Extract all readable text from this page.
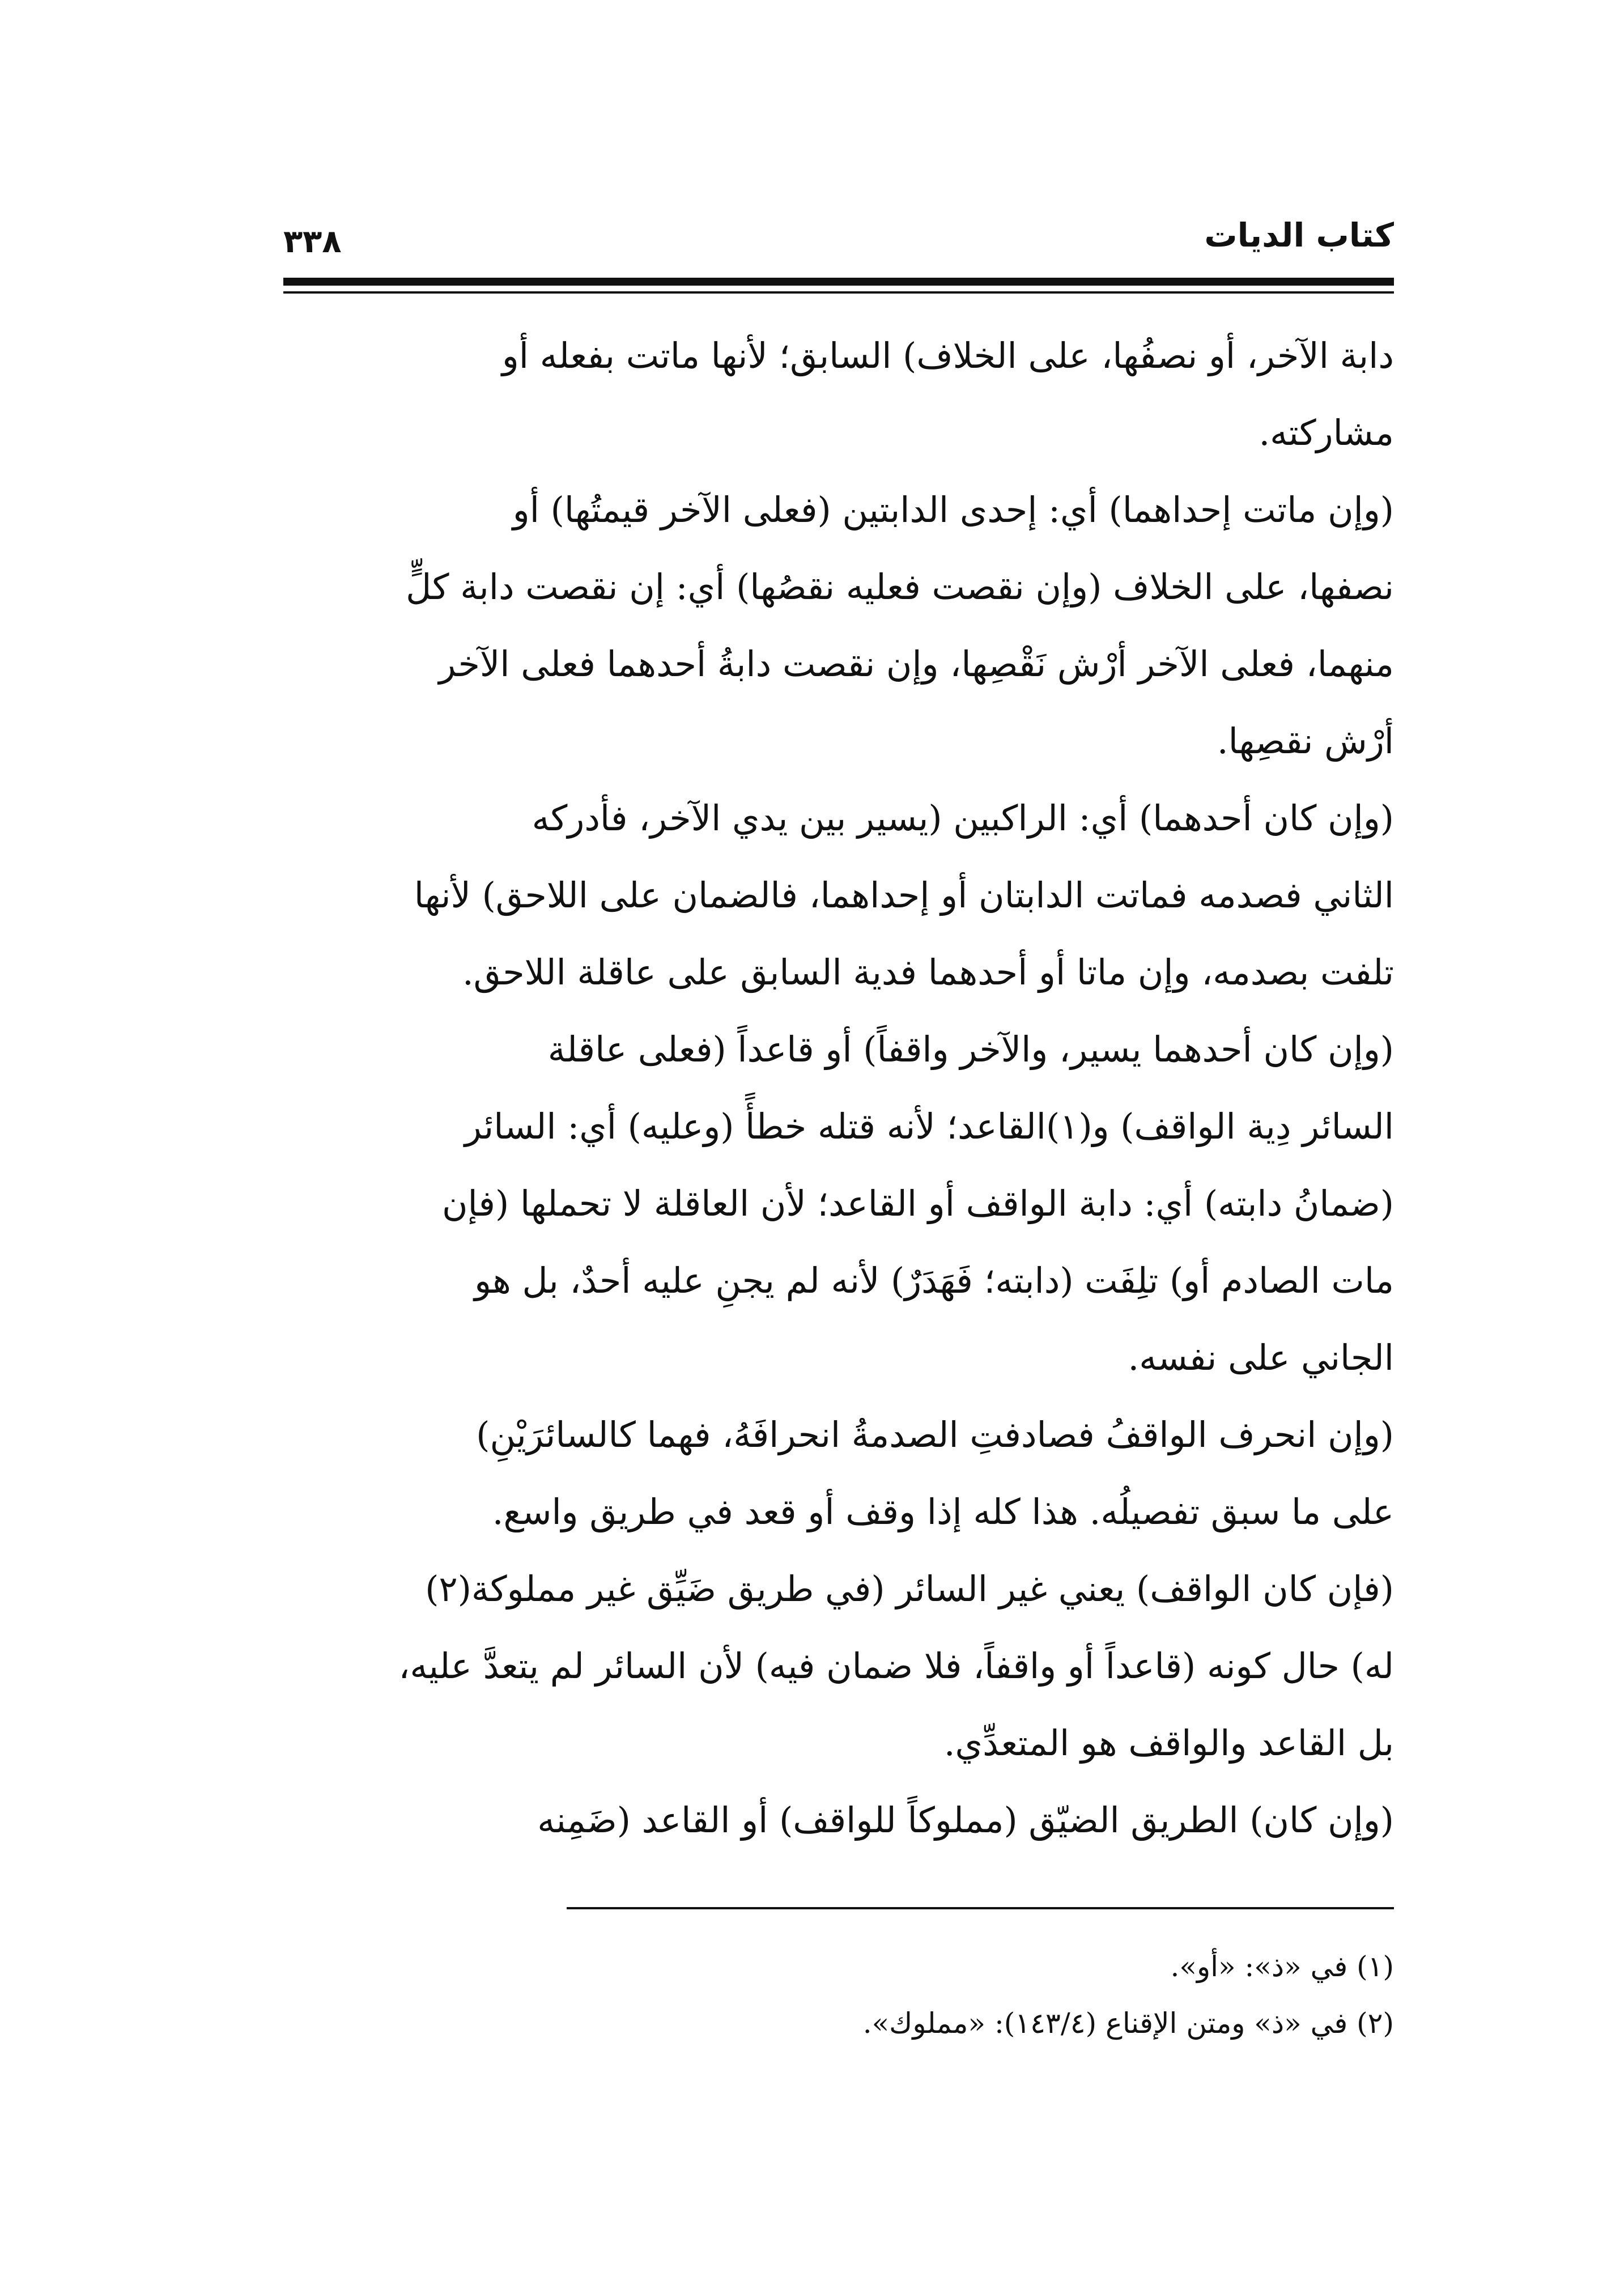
كتاب الديات
٣٣٨

دابة الآخر، أو نصفُها، على الخلاف) السابق؛ لأنها ماتت بفعله أو

مشاركته.

(وإن ماتت إحداهما) أي: إحدى الدابتين (فعلى الآخر قيمتُها) أو

نصفها، على الخلاف (وإن نقصت فعليه نقصُها) أي: إن نقصت دابة كلٍّ

منهما، فعلى الآخر أرْش نَقْصِها، وإن نقصت دابةُ أحدهما فعلى الآخر

أرْش نقصِها.

(وإن كان أحدهما) أي: الراكبين (يسير بين يدي الآخر، فأدركه

الثاني فصدمه فماتت الدابتان أو إحداهما، فالضمان على اللاحق) لأنها

تلفت بصدمه، وإن ماتا أو أحدهما فدية السابق على عاقلة اللاحق.

(وإن كان أحدهما يسير، والآخر واقفاً) أو قاعداً (فعلى عاقلة

السائر دِية الواقف) و(١)القاعد؛ لأنه قتله خطأً (وعليه) أي: السائر

(ضمانُ دابته) أي: دابة الواقف أو القاعد؛ لأن العاقلة لا تحملها (فإن

مات الصادم أو) تلِفَت (دابته؛ فَهَدَرٌ) لأنه لم يجنِ عليه أحدٌ، بل هو

الجاني على نفسه.

(وإن انحرف الواقفُ فصادفتِ الصدمةُ انحرافَهُ، فهما كالسائرَيْنِ)

على ما سبق تفصيلُه. هذا كله إذا وقف أو قعد في طريق واسع.

(فإن كان الواقف) يعني غير السائر (في طريق ضَيِّق غير مملوكة(٢)

له) حال كونه (قاعداً أو واقفاً، فلا ضمان فيه) لأن السائر لم يتعدَّ عليه،

بل القاعد والواقف هو المتعدِّي.

(وإن كان) الطريق الضيّق (مملوكاً للواقف) أو القاعد (ضَمِنه

(١) في «ذ»: «أو».

(٢) في «ذ» ومتن الإقناع (١٤٣/٤): «مملوك».
